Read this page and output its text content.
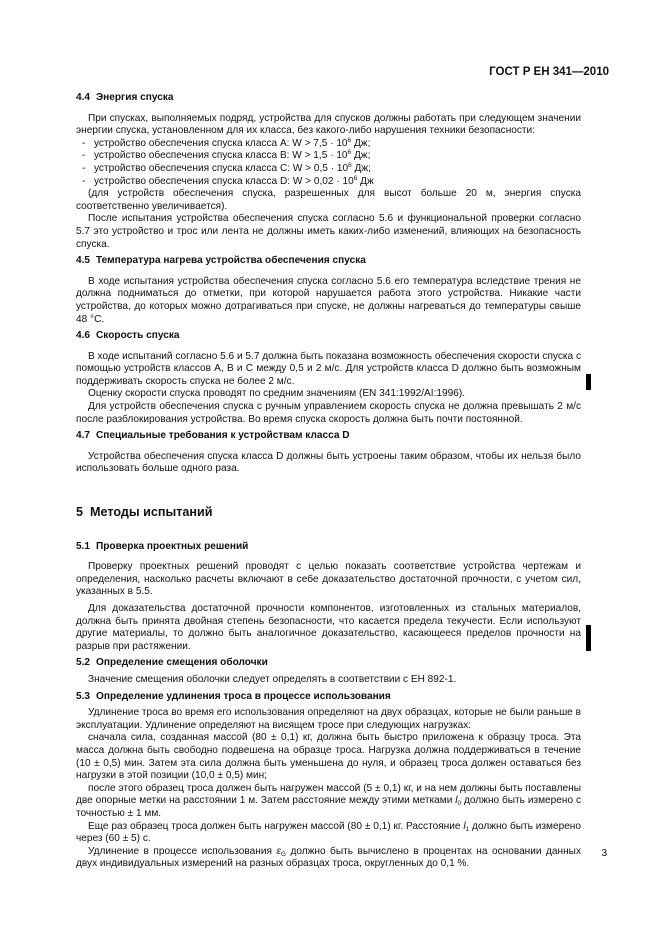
ГОСТ Р ЕН 341—2010

4.4 Энергия спуска

При спусках, выполняемых подряд, устройства для спусков должны работать при следующем значении энергии спуска, установленном для их класса, без какого-либо нарушения техники безопасности:

- устройство обеспечения спуска класса А: $W > 7,5 \cdot 10^6$ Дж;
- устройство обеспечения спуска класса В: $W > 1,5 \cdot 10^6$ Дж;
- устройство обеспечения спуска класса С: $W > 0,5 \cdot 10^6$ Дж;
- устройство обеспечения спуска класса D: $W > 0,02 \cdot 10^6$ Дж

(для устройств обеспечения спуска, разрешенных для высот больше 20 м, энергия спуска соответственно увеличивается).

После испытания устройства обеспечения спуска согласно 5.6 и функциональной проверки согласно 5.7 это устройство и трос или лента не должны иметь каких-либо изменений, влияющих на безопасность спуска.

4.5 Температура нагрева устройства обеспечения спуска

В ходе испытания устройства обеспечения спуска согласно 5.6 его температура вследствие трения не должна подниматься до отметки, при которой нарушается работа этого устройства. Никакие части устройства, до которых можно дотрагиваться при спуске, не должны нагреваться до температуры свыше 48 °C.

4.6 Скорость спуска

В ходе испытаний согласно 5.6 и 5.7 должна быть показана возможность обеспечения скорости спуска с помощью устройств классов А, В и С между 0,5 и 2 м/с. Для устройств класса D должно быть возможным поддерживать скорость спуска не более 2 м/с.

Оценку скорости спуска проводят по средним значениям (EN 341:1992/AI:1996).

Для устройств обеспечения спуска с ручным управлением скорость спуска не должна превышать 2 м/с после разблокирования устройства. Во время спуска скорость должна быть почти постоянной.

4.7 Специальные требования к устройствам класса D

Устройства обеспечения спуска класса D должны быть устроены таким образом, чтобы их нельзя было использовать больше одного раза.

5 Методы испытаний

5.1 Проверка проектных решений

Проверку проектных решений проводят с целью показать соответствие устройства чертежам и определения, насколько расчеты включают в себе доказательство достаточной прочности, с учетом сил, указанных в 5.5.

Для доказательства достаточной прочности компонентов, изготовленных из стальных материалов, должна быть принята двойная степень безопасности, что касается предела текучести. Если используют другие материалы, то должно быть аналогичное доказательство, касающееся пределов прочности на разрыв при растяжении.

5.2 Определение смещения оболочки

Значение смещения оболочки следует определять в соответствии с ЕН 892-1.

5.3 Определение удлинения троса в процессе использования

Удлинение троса во время его использования определяют на двух образцах, которые не были раньше в эксплуатации. Удлинение определяют на висящем тросе при следующих нагрузках:

сначала сила, созданная массой (80 ± 0,1) кг, должна быть быстро приложена к образцу троса. Эта масса должна быть свободно подвешена на образце троса. Нагрузка должна поддерживаться в течение (10 ± 0,5) мин. Затем эта сила должна быть уменьшена до нуля, и образец троса должен оставаться без нагрузки в этой позиции (10,0 ± 0,5) мин;

после этого образец троса должен быть нагружен массой (5 ± 0,1) кг, и на нем должны быть поставлены две опорные метки на расстоянии 1 м. Затем расстояние между этими метками $l_0$ должно быть измерено с точностью ± 1 мм.

Еще раз образец троса должен быть нагружен массой (80 ± 0,1) кг. Расстояние $l_1$ должно быть измерено через (60 ± 5) с.

Удлинение в процессе использования $\varepsilon_G$ должно быть вычислено в процентах на основании данных двух индивидуальных измерений на разных образцах троса, округленных до 0,1 %.

3
